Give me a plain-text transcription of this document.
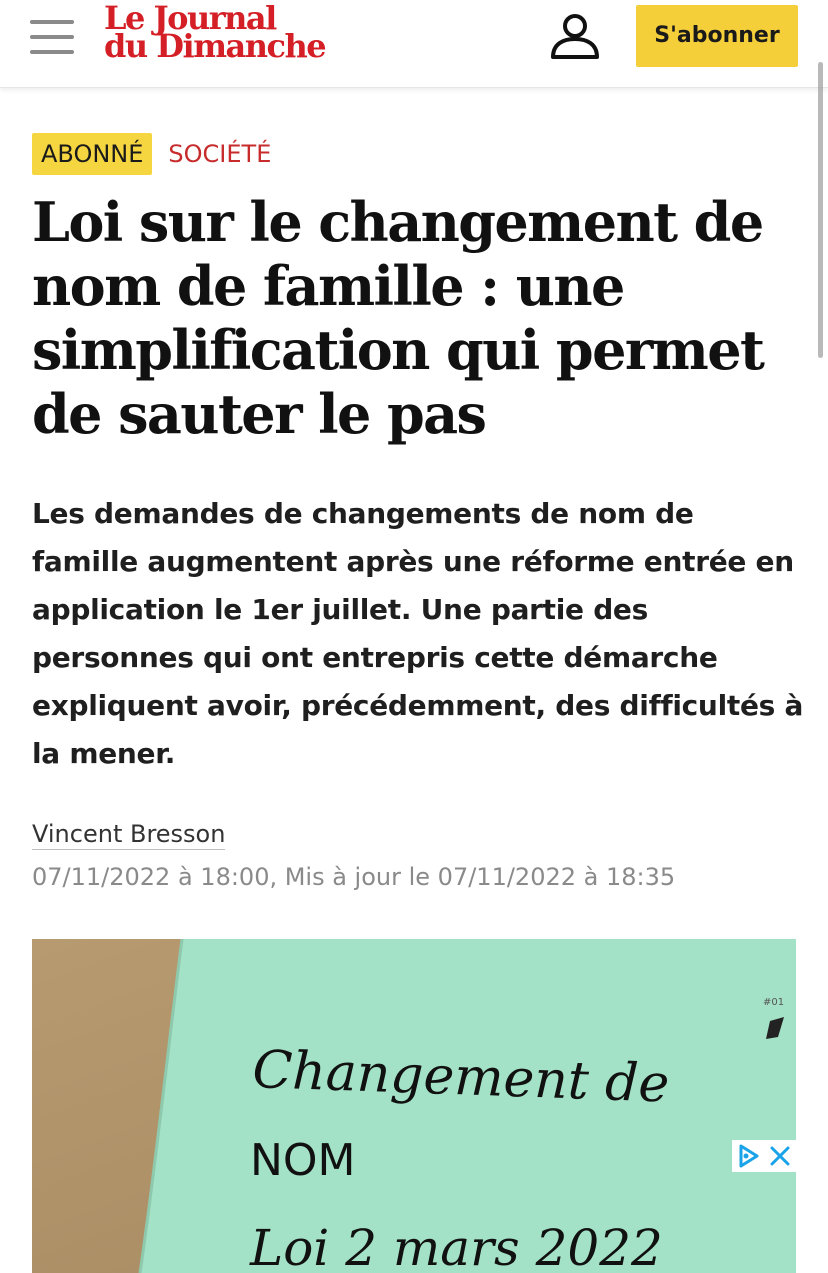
Le Journal
du Dimanche	S'abonner
ABONNÉ	SOCIÉTÉ
Loi sur le changement de nom de famille : une simplification qui permet de sauter le pas

Les demandes de changements de nom de famille augmentent après une réforme entrée en application le 1er juillet. Une partie des personnes qui ont entrepris cette démarche expliquent avoir, précédemment, des difficultés à la mener.

Vincent Bresson
07/11/2022 à 18:00, Mis à jour le 07/11/2022 à 18:35
#01
Changement de
NOM
Loi 2 mars 2022
